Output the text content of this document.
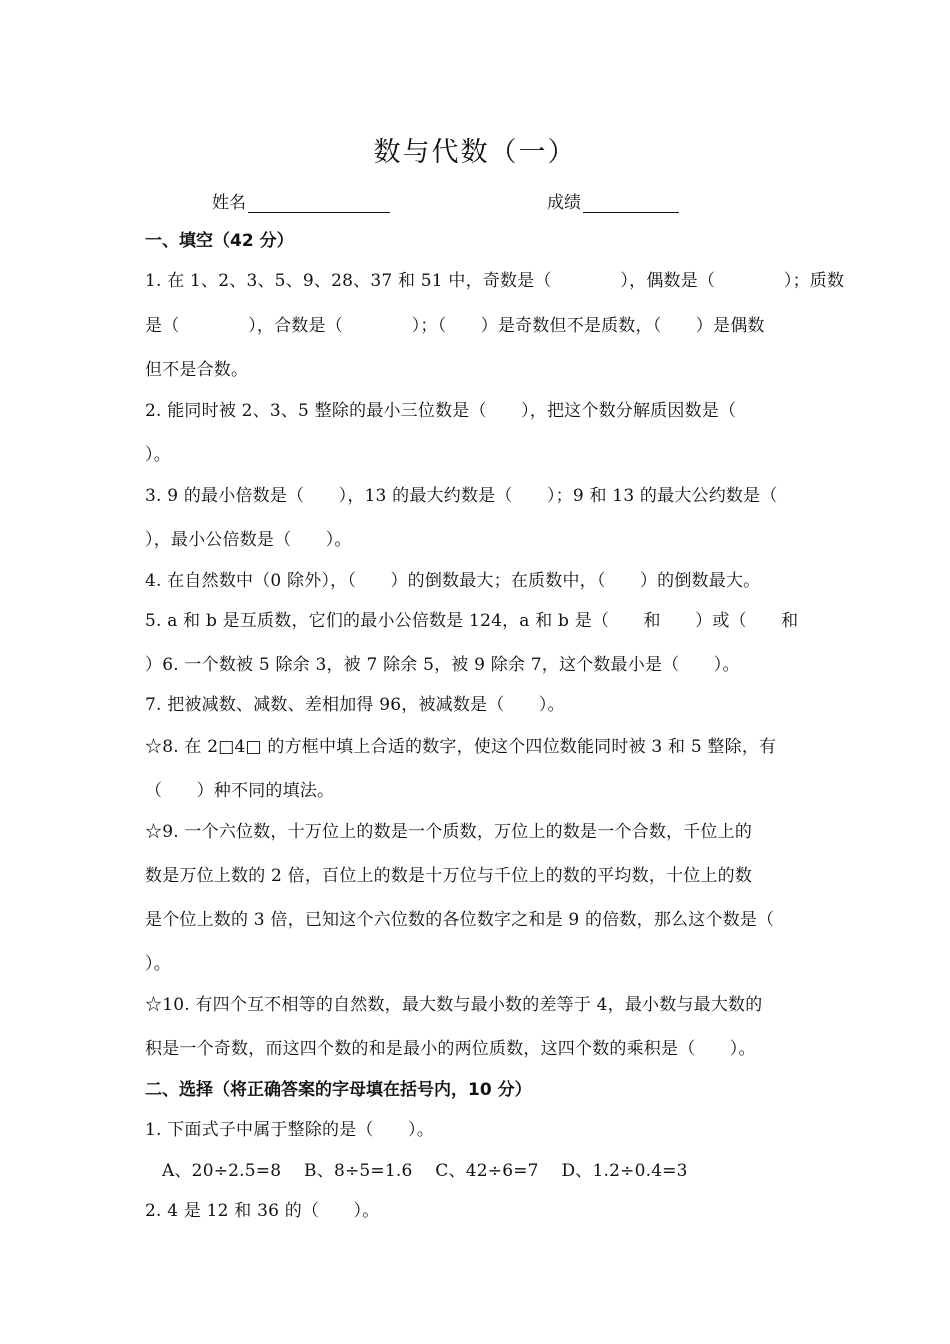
数与代数（一）
姓名	成绩
一、填空（42 分）
1. 在 1、2、3、5、9、28、37 和 51 中，奇数是（　　　　），偶数是（　　　　）；质数
是（　　　　），合数是（　　　　）；（　　）是奇数但不是质数，（　　）是偶数
但不是合数。
2. 能同时被 2、3、5 整除的最小三位数是（　　），把这个数分解质因数是（
）。
3. 9 的最小倍数是（　　），13 的最大约数是（　　）；9 和 13 的最大公约数是（
），最小公倍数是（　　）。
4. 在自然数中（0 除外），（　　）的倒数最大；在质数中，（　　）的倒数最大。
5. a 和 b 是互质数，它们的最小公倍数是 124，a 和 b 是（　　和　　）或（　　和
）6. 一个数被 5 除余 3，被 7 除余 5，被 9 除余 7，这个数最小是（　　）。
7. 把被减数、减数、差相加得 96，被减数是（　　）。
☆8. 在 2□4□ 的方框中填上合适的数字，使这个四位数能同时被 3 和 5 整除，有
（　　）种不同的填法。
☆9. 一个六位数，十万位上的数是一个质数，万位上的数是一个合数，千位上的
数是万位上数的 2 倍，百位上的数是十万位与千位上的数的平均数，十位上的数
是个位上数的 3 倍，已知这个六位数的各位数字之和是 9 的倍数，那么这个数是（
）。
☆10. 有四个互不相等的自然数，最大数与最小数的差等于 4，最小数与最大数的
积是一个奇数，而这四个数的和是最小的两位质数，这四个数的乘积是（　　）。
二、选择（将正确答案的字母填在括号内，10 分）
1. 下面式子中属于整除的是（　　）。
A、20÷2.5=8　 B、8÷5=1.6　 C、42÷6=7　 D、1.2÷0.4=3
2. 4 是 12 和 36 的（　　）。
